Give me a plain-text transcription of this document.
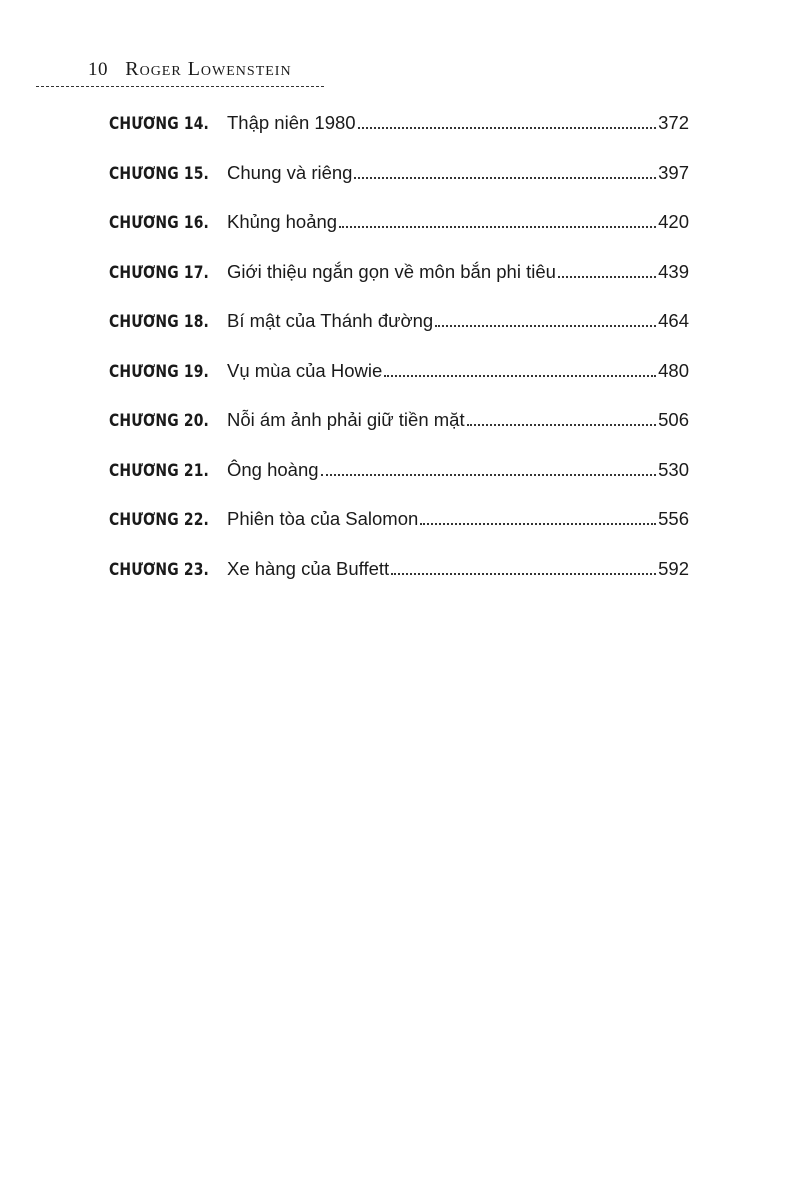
10 Roger Lowenstein
CHƯƠNG 14. Thập niên 1980	372
CHƯƠNG 15. Chung và riêng	397
CHƯƠNG 16. Khủng hoảng	420
CHƯƠNG 17. Giới thiệu ngắn gọn về môn bắn phi tiêu	439
CHƯƠNG 18. Bí mật của Thánh đường	464
CHƯƠNG 19. Vụ mùa của Howie	480
CHƯƠNG 20. Nỗi ám ảnh phải giữ tiền mặt	506
CHƯƠNG 21. Ông hoàng	530
CHƯƠNG 22. Phiên tòa của Salomon	556
CHƯƠNG 23. Xe hàng của Buffett	592
